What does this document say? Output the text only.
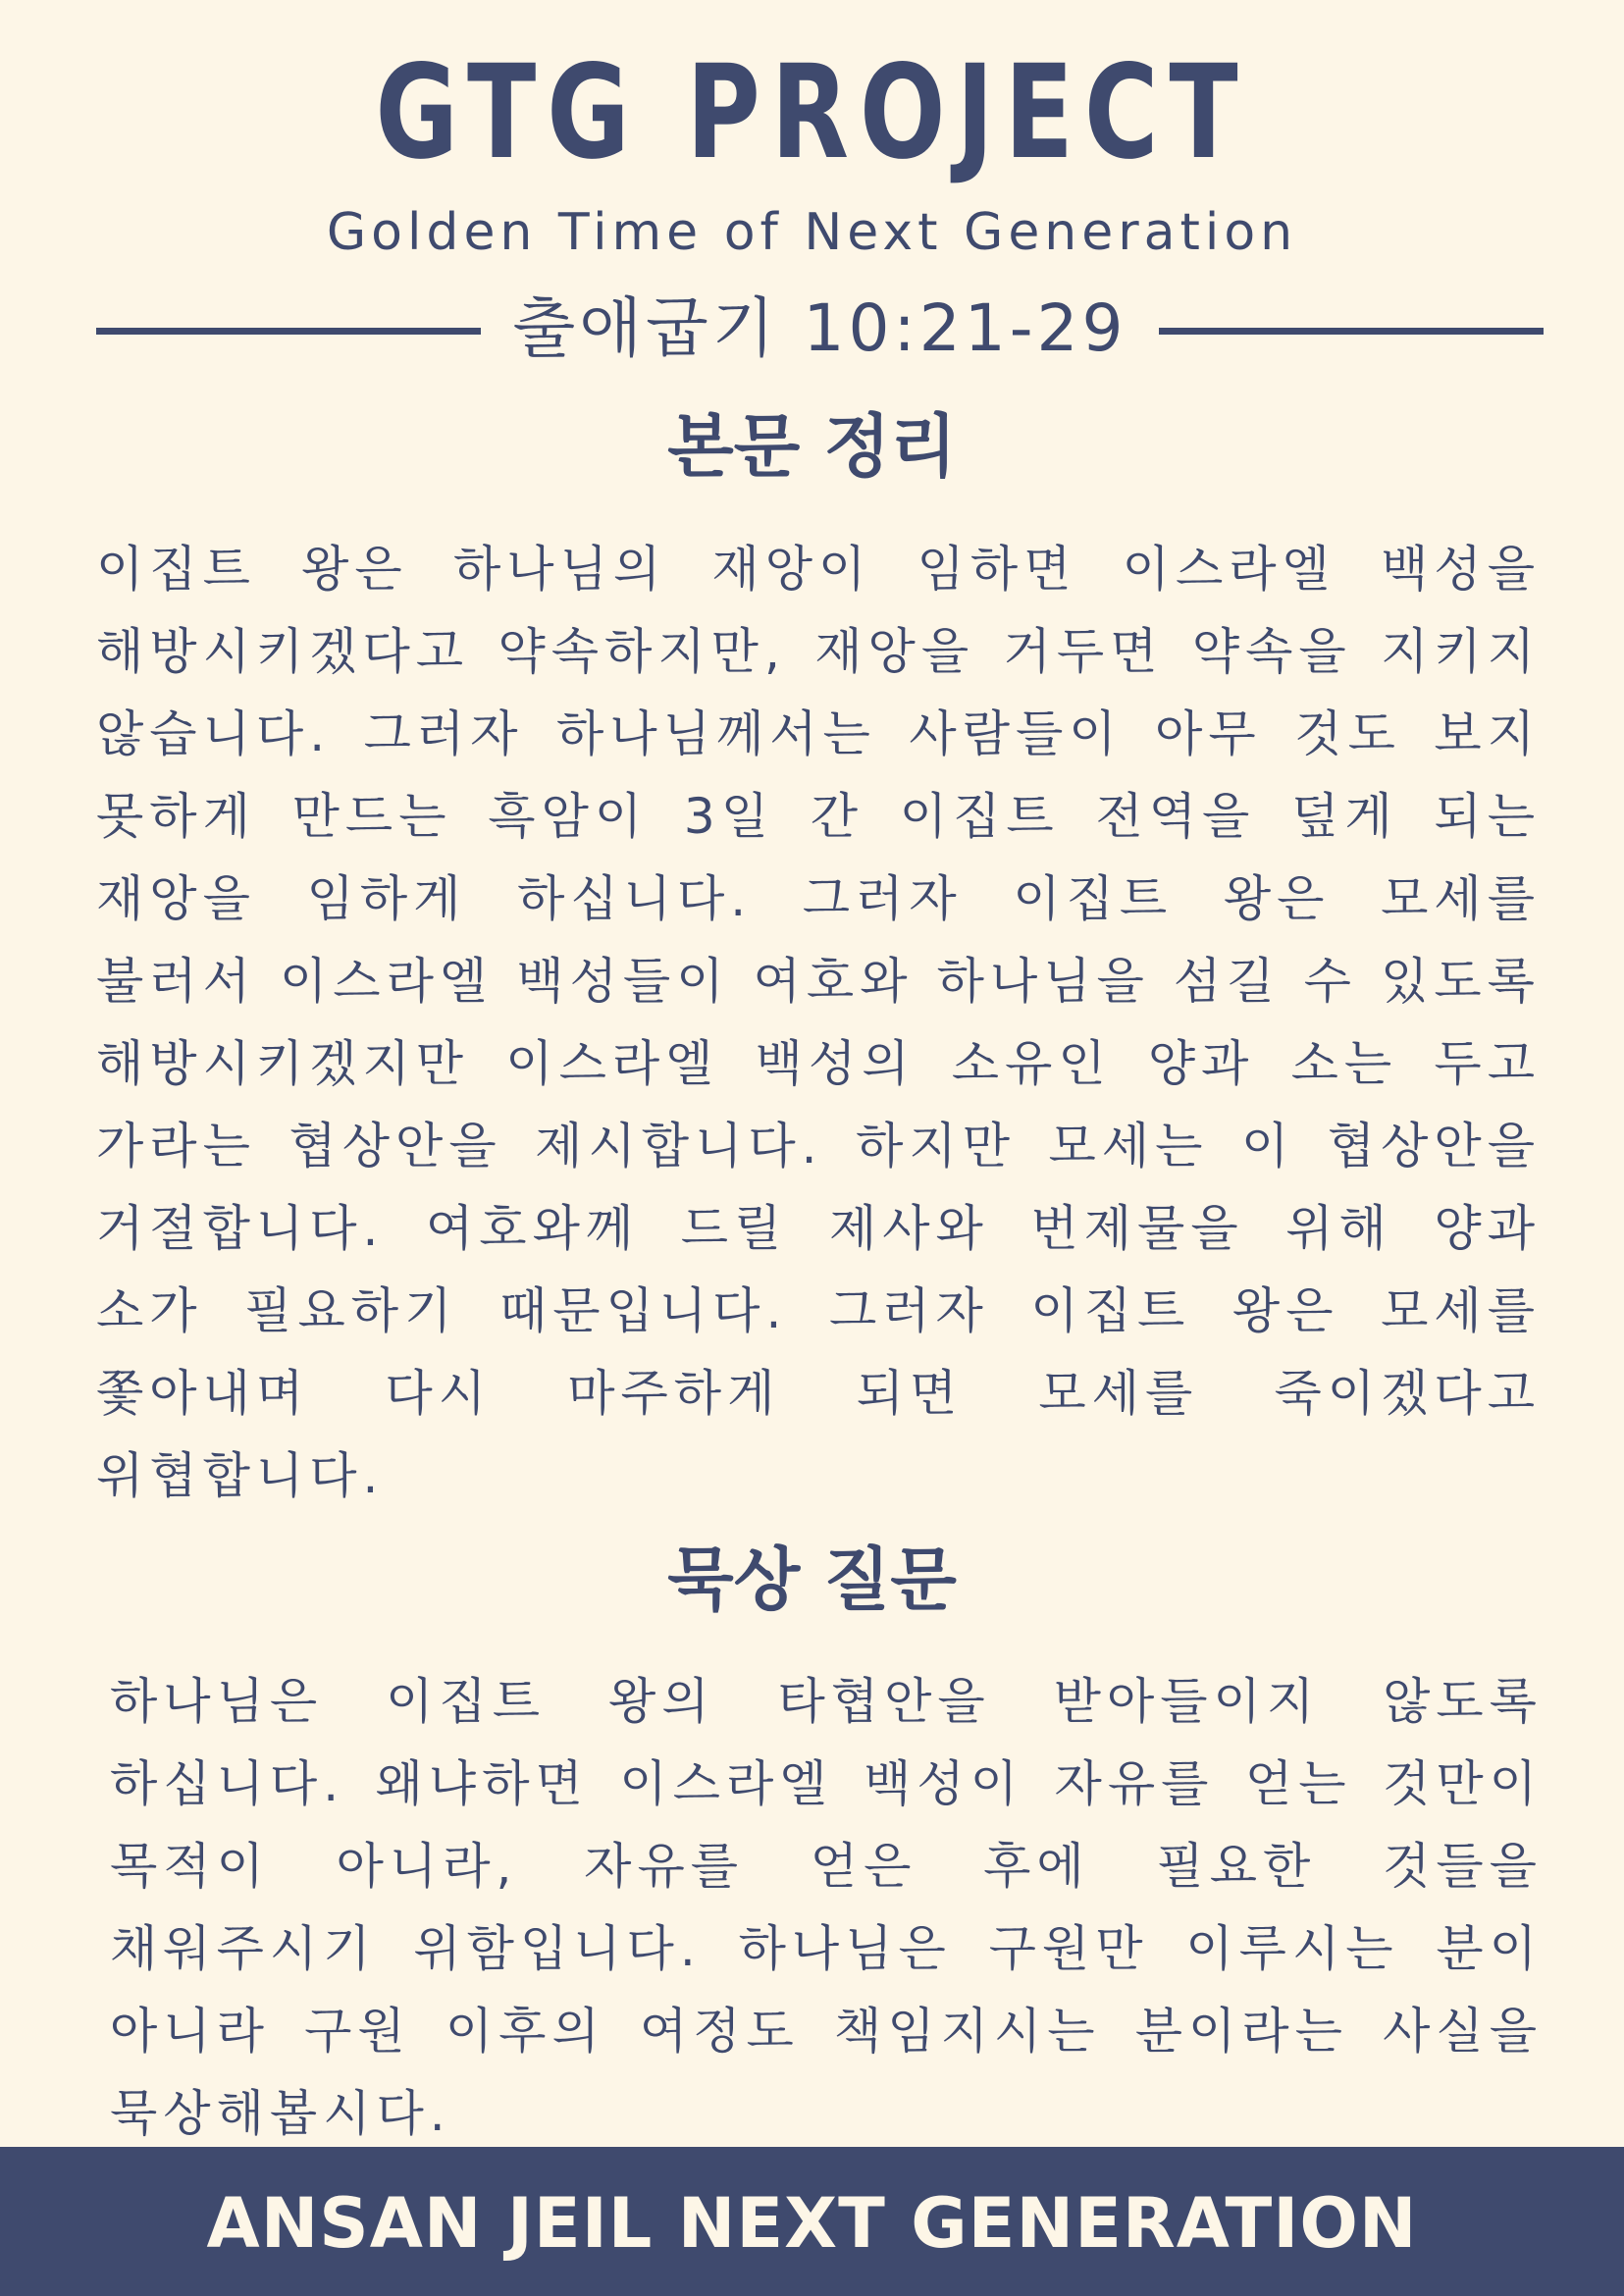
GTG PROJECT
Golden Time of Next Generation
출애굽기 10:21-29
본문 정리
이집트 왕은 하나님의 재앙이 임하면 이스라엘 백성을 해방시키겠다고 약속하지만, 재앙을 거두면 약속을 지키지 않습니다. 그러자 하나님께서는 사람들이 아무 것도 보지 못하게 만드는 흑암이 3일 간 이집트 전역을 덮게 되는 재앙을 임하게 하십니다. 그러자 이집트 왕은 모세를 불러서 이스라엘 백성들이 여호와 하나님을 섬길 수 있도록 해방시키겠지만 이스라엘 백성의 소유인 양과 소는 두고 가라는 협상안을 제시합니다. 하지만 모세는 이 협상안을 거절합니다. 여호와께 드릴 제사와 번제물을 위해 양과 소가 필요하기 때문입니다. 그러자 이집트 왕은 모세를 쫓아내며 다시 마주하게 되면 모세를 죽이겠다고 위협합니다.
묵상 질문
하나님은 이집트 왕의 타협안을 받아들이지 않도록 하십니다. 왜냐하면 이스라엘 백성이 자유를 얻는 것만이 목적이 아니라, 자유를 얻은 후에 필요한 것들을 채워주시기 위함입니다. 하나님은 구원만 이루시는 분이 아니라 구원 이후의 여정도 책임지시는 분이라는 사실을 묵상해봅시다.
ANSAN JEIL NEXT GENERATION
